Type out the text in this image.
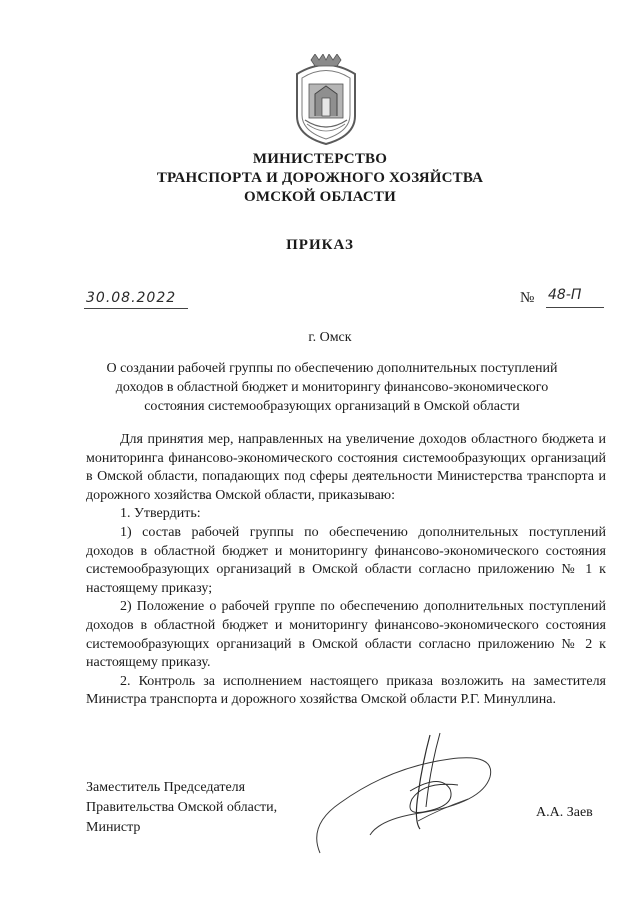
МИНИСТЕРСТВО
ТРАНСПОРТА И ДОРОЖНОГО ХОЗЯЙСТВА
ОМСКОЙ ОБЛАСТИ
ПРИКАЗ
30.08.2022	№ 48-П
г. Омск
О создании рабочей группы по обеспечению дополнительных поступлений
доходов в областной бюджет и мониторингу финансово-экономического
состояния системообразующих организаций в Омской области

Для принятия мер, направленных на увеличение доходов областного бюджета и мониторинга финансово-экономического состояния системообразующих организаций в Омской области, попадающих под сферы деятельности Министерства транспорта и дорожного хозяйства Омской области, приказываю:

1. Утвердить:

1) состав рабочей группы по обеспечению дополнительных поступлений доходов в областной бюджет и мониторингу финансово-экономического состояния системообразующих организаций в Омской области согласно приложению № 1 к настоящему приказу;

2) Положение о рабочей группе по обеспечению дополнительных поступлений доходов в областной бюджет и мониторингу финансово-экономического состояния системообразующих организаций в Омской области согласно приложению № 2 к настоящему приказу.

2. Контроль за исполнением настоящего приказа возложить на заместителя Министра транспорта и дорожного хозяйства Омской области Р.Г. Минуллина.

Заместитель Председателя
Правительства Омской области,
Министр
А.А. Заев
